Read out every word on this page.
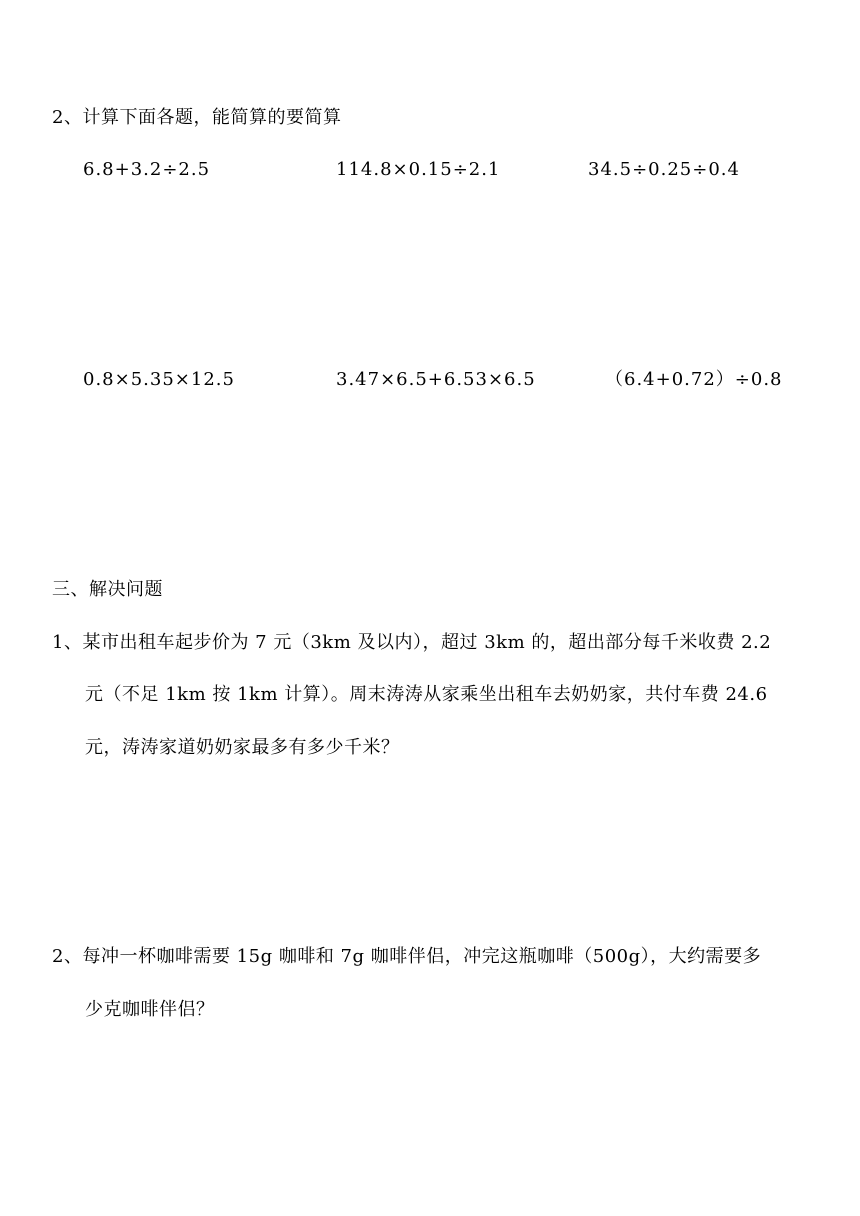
2、计算下面各题，能简算的要简算
6.8+3.2÷2.5	114.8×0.15÷2.1	34.5÷0.25÷0.4
0.8×5.35×12.5	3.47×6.5+6.53×6.5	（6.4+0.72）÷0.8
三、解决问题
1、某市出租车起步价为 7 元（3km 及以内），超过 3km 的，超出部分每千米收费 2.2
元（不足 1km 按 1km 计算）。周末涛涛从家乘坐出租车去奶奶家，共付车费 24.6
元，涛涛家道奶奶家最多有多少千米？
2、每冲一杯咖啡需要 15g 咖啡和 7g 咖啡伴侣，冲完这瓶咖啡（500g），大约需要多
少克咖啡伴侣？
